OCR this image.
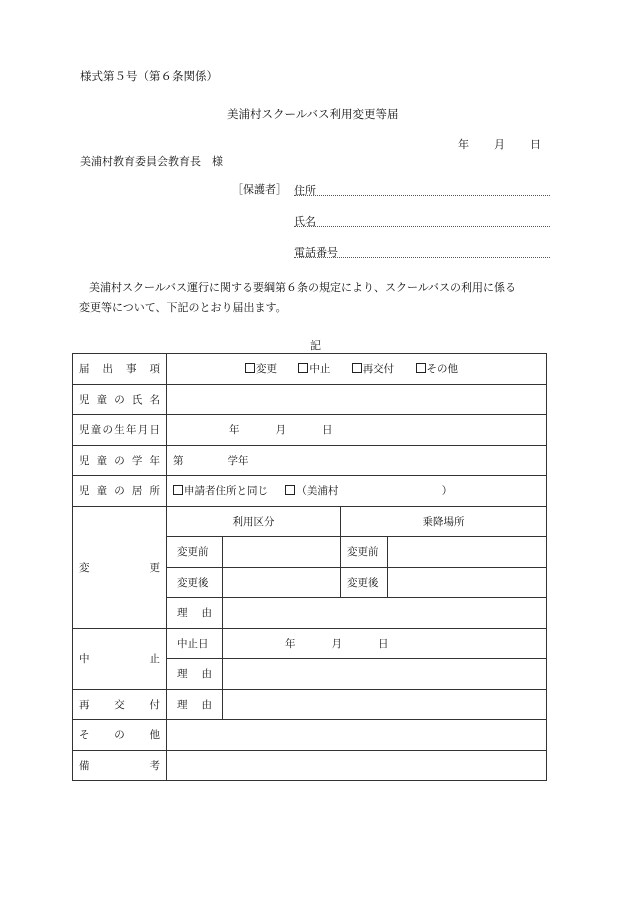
様式第５号（第６条関係）
美浦村スクールバス利用変更等届
年 月 日
美浦村教育委員会教育長　様
［保護者］ 住所
氏名
電話番号
美浦村スクールバス運行に関する要綱第６条の規定により、スクールバスの利用に係る
変更等について、下記のとおり届出ます。
記
届出事項	変更 中止 再交付 その他			
児童の氏名				
児童の生年月日	年 月 日			
児童の学年	第 学年			
児童の居所	申請者住所と同じ （美浦村 ）			
変更	利用区分		乗降場所	
	変更前		変更前	
	変更後		変更後	
	理由			
中止	中止日	年 月 日		
	理由			
再交付	理由			
その他				
備考				
